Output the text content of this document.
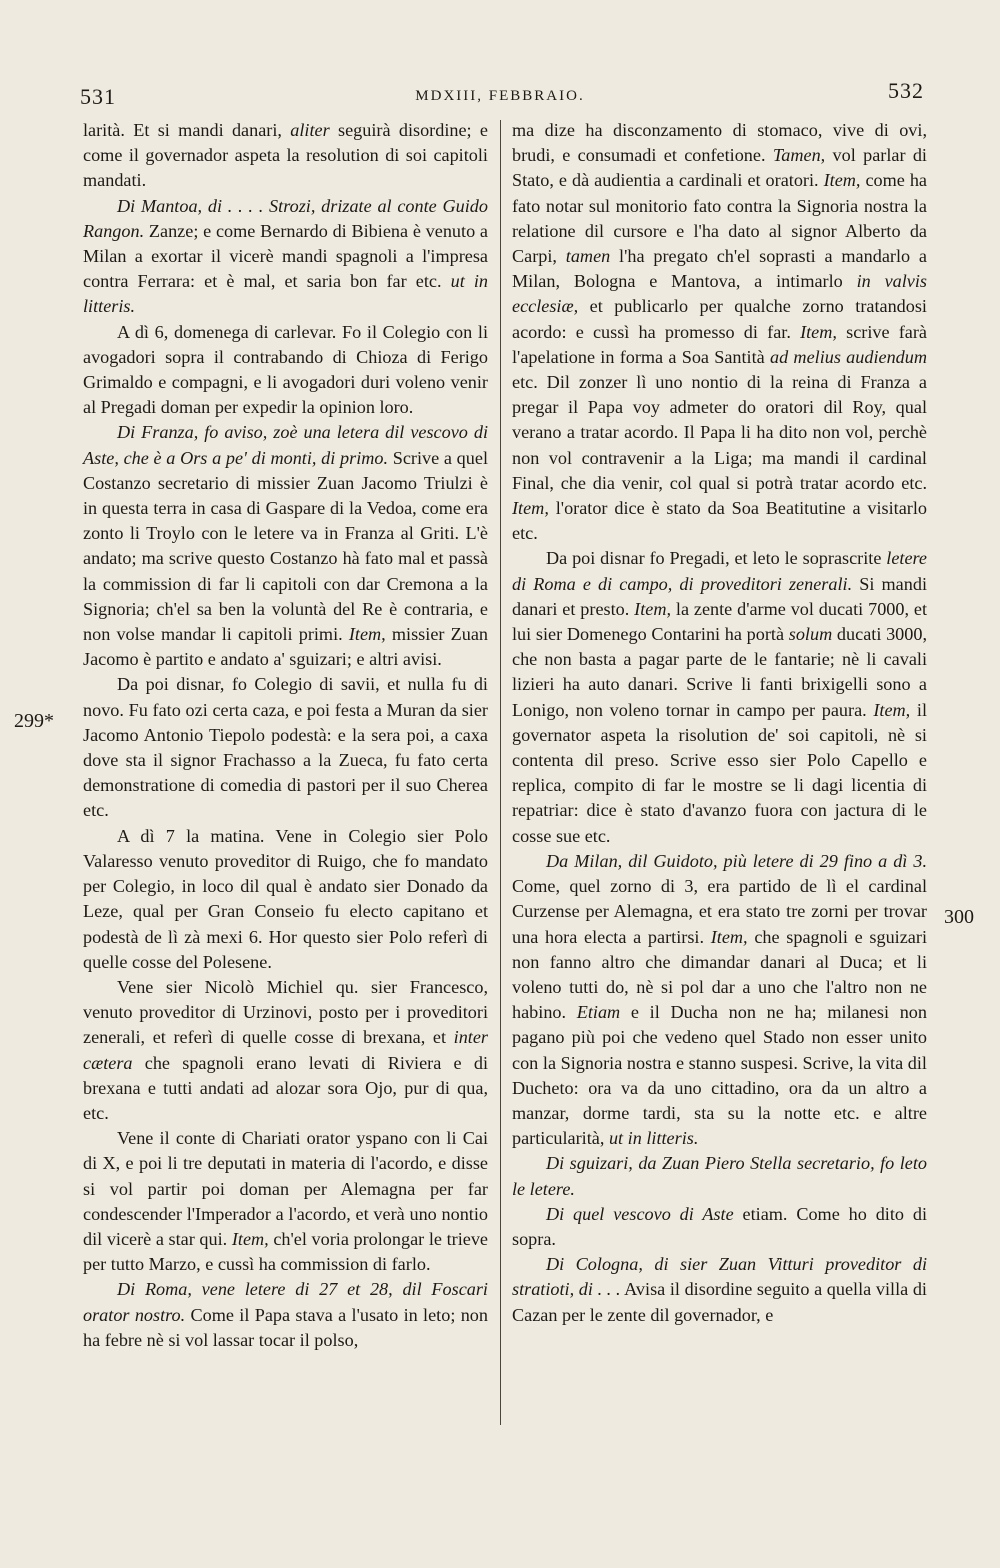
531	MDXIII, FEBBRAIO.	532
299*
300

larità. Et si mandi danari, aliter seguirà disordine; e come il governador aspeta la resolution di soi capitoli mandati.

Di Mantoa, di . . . . Strozi, drizate al conte Guido Rangon. Zanze; e come Bernardo di Bibiena è venuto a Milan a exortar il vicerè mandi spagnoli a l'impresa contra Ferrara: et è mal, et saria bon far etc. ut in litteris.

A dì 6, domenega di carlevar. Fo il Colegio con li avogadori sopra il contrabando di Chioza di Ferigo Grimaldo e compagni, e li avogadori duri voleno venir al Pregadi doman per expedir la opinion loro.

Di Franza, fo aviso, zoè una letera dil vescovo di Aste, che è a Ors a pe' di monti, di primo. Scrive a quel Costanzo secretario di missier Zuan Jacomo Triulzi è in questa terra in casa di Gaspare di la Vedoa, come era zonto li Troylo con le letere va in Franza al Griti. L'è andato; ma scrive questo Costanzo hà fato mal et passà la commission di far li capitoli con dar Cremona a la Signoria; ch'el sa ben la voluntà del Re è contraria, e non volse mandar li capitoli primi. Item, missier Zuan Jacomo è partito e andato a' sguizari; e altri avisi.

Da poi disnar, fo Colegio di savii, et nulla fu di novo. Fu fato ozi certa caza, e poi festa a Muran da sier Jacomo Antonio Tiepolo podestà: e la sera poi, a caxa dove sta il signor Frachasso a la Zueca, fu fato certa demonstratione di comedia di pastori per il suo Cherea etc.

A dì 7 la matina. Vene in Colegio sier Polo Valaresso venuto proveditor di Ruigo, che fo mandato per Colegio, in loco dil qual è andato sier Donado da Leze, qual per Gran Conseio fu electo capitano et podestà de lì zà mexi 6. Hor questo sier Polo referì di quelle cosse del Polesene.

Vene sier Nicolò Michiel qu. sier Francesco, venuto proveditor di Urzinovi, posto per i proveditori zenerali, et referì di quelle cosse di brexana, et inter cætera che spagnoli erano levati di Riviera e di brexana e tutti andati ad alozar sora Ojo, pur di qua, etc.

Vene il conte di Chariati orator yspano con li Cai di X, e poi li tre deputati in materia di l'acordo, e disse si vol partir poi doman per Alemagna per far condescender l'Imperador a l'acordo, et verà uno nontio dil vicerè a star qui. Item, ch'el voria prolongar le trieve per tutto Marzo, e cussì ha commission di farlo.

Di Roma, vene letere di 27 et 28, dil Foscari orator nostro. Come il Papa stava a l'usato in leto; non ha febre nè si vol lassar tocar il polso,

ma dize ha disconzamento di stomaco, vive di ovi, brudi, e consumadi et confetione. Tamen, vol parlar di Stato, e dà audientia a cardinali et oratori. Item, come ha fato notar sul monitorio fato contra la Signoria nostra la relatione dil cursore e l'ha dato al signor Alberto da Carpi, tamen l'ha pregato ch'el soprasti a mandarlo a Milan, Bologna e Mantova, a intimarlo in valvis ecclesiæ, et publicarlo per qualche zorno tratandosi acordo: e cussì ha promesso di far. Item, scrive farà l'apelatione in forma a Soa Santità ad melius audiendum etc. Dil zonzer lì uno nontio di la reina di Franza a pregar il Papa voy admeter do oratori dil Roy, qual verano a tratar acordo. Il Papa li ha dito non vol, perchè non vol contravenir a la Liga; ma mandi il cardinal Final, che dia venir, col qual si potrà tratar acordo etc. Item, l'orator dice è stato da Soa Beatitutine a visitarlo etc.

Da poi disnar fo Pregadi, et leto le soprascrite letere di Roma e di campo, di proveditori zenerali. Si mandi danari et presto. Item, la zente d'arme vol ducati 7000, et lui sier Domenego Contarini ha portà solum ducati 3000, che non basta a pagar parte de le fantarie; nè li cavali lizieri ha auto danari. Scrive li fanti brixigelli sono a Lonigo, non voleno tornar in campo per paura. Item, il governator aspeta la risolution de' soi capitoli, nè si contenta dil preso. Scrive esso sier Polo Capello e replica, compito di far le mostre se li dagi licentia di repatriar: dice è stato d'avanzo fuora con jactura di le cosse sue etc.

Da Milan, dil Guidoto, più letere di 29 fino a dì 3. Come, quel zorno di 3, era partido de lì el cardinal Curzense per Alemagna, et era stato tre zorni per trovar una hora electa a partirsi. Item, che spagnoli e sguizari non fanno altro che dimandar danari al Duca; et li voleno tutti do, nè si pol dar a uno che l'altro non ne habino. Etiam e il Ducha non ne ha; milanesi non pagano più poi che vedeno quel Stado non esser unito con la Signoria nostra e stanno suspesi. Scrive, la vita dil Ducheto: ora va da uno cittadino, ora da un altro a manzar, dorme tardi, sta su la notte etc. e altre particularità, ut in litteris.

Di sguizari, da Zuan Piero Stella secretario, fo leto le letere.

Di quel vescovo di Aste etiam. Come ho dito di sopra.

Di Cologna, di sier Zuan Vitturi proveditor di stratioti, di . . . Avisa il disordine seguito a quella villa di Cazan per le zente dil governador, e
